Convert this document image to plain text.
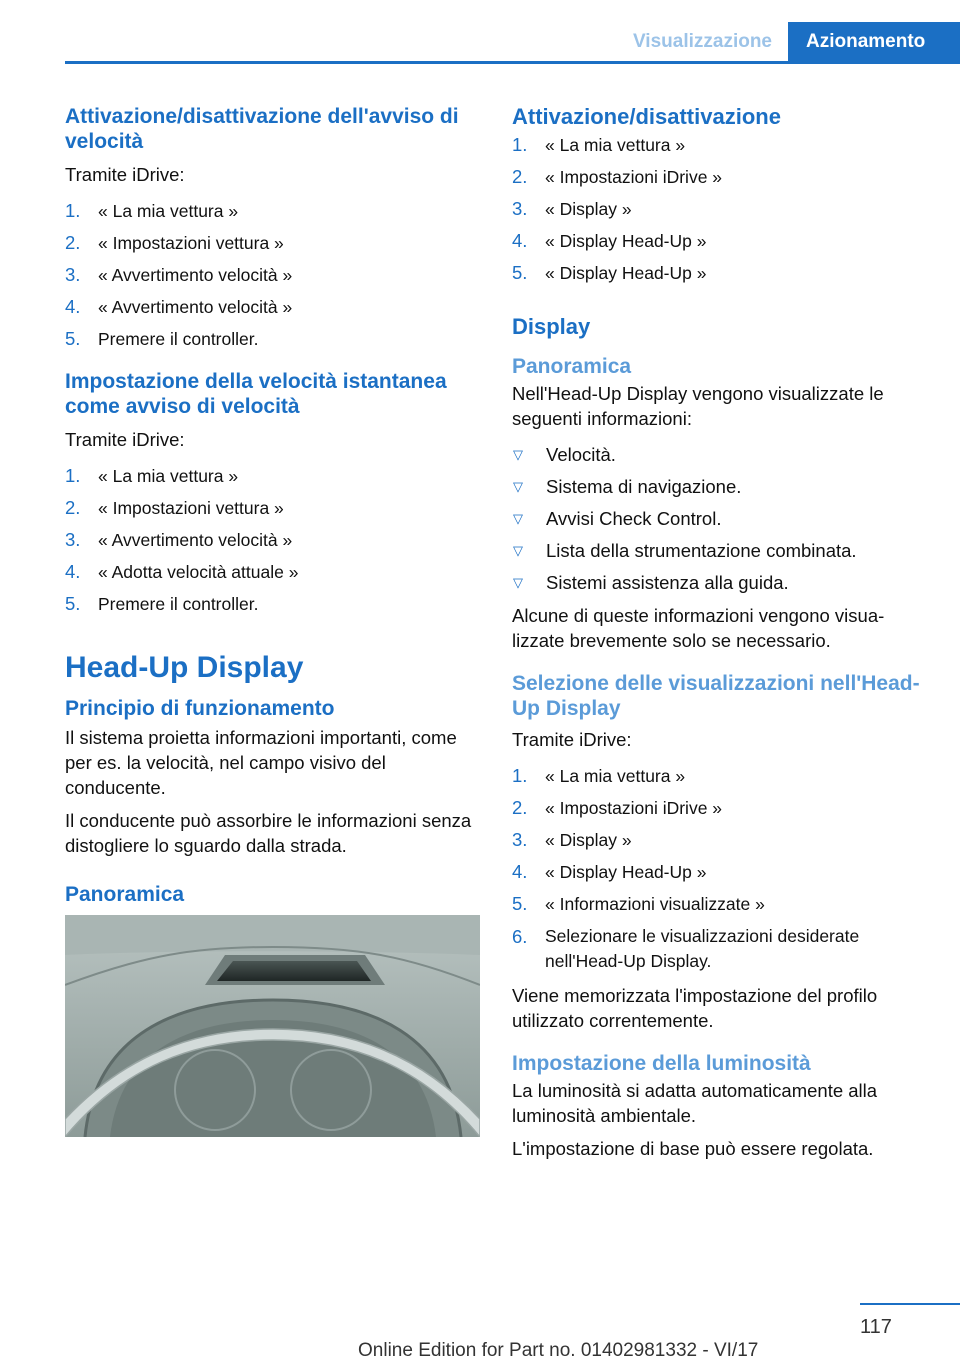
Visualizzazione	Azionamento
Attivazione/disattivazione dell'avviso di velocità
Tramite iDrive:
1.	« La mia vettura »
2.	« Impostazioni vettura »
3.	« Avvertimento velocità »
4.	« Avvertimento velocità »
5.	Premere il controller.
Impostazione della velocità istantanea come avviso di velocità
Tramite iDrive:
1.	« La mia vettura »
2.	« Impostazioni vettura »
3.	« Avvertimento velocità »
4.	« Adotta velocità attuale »
5.	Premere il controller.
Head-Up Display
Principio di funzionamento
Il sistema proietta informazioni importanti, come per es. la velocità, nel campo visivo del conducente.
Il conducente può assorbire le informazioni senza distogliere lo sguardo dalla strada.
Panoramica
Attivazione/disattivazione
1.	« La mia vettura »
2.	« Impostazioni iDrive »
3.	« Display »
4.	« Display Head-Up »
5.	« Display Head-Up »
Display
Panoramica
Nell'Head-Up Display vengono visualizzate le seguenti informazioni:
▽	Velocità.
▽	Sistema di navigazione.
▽	Avvisi Check Control.
▽	Lista della strumentazione combinata.
▽	Sistemi assistenza alla guida.
Alcune di queste informazioni vengono visua-lizzate brevemente solo se necessario.
Selezione delle visualizzazioni nell'Head-Up Display
Tramite iDrive:
1.	« La mia vettura »
2.	« Impostazioni iDrive »
3.	« Display »
4.	« Display Head-Up »
5.	« Informazioni visualizzate »
6.	Selezionare le visualizzazioni desiderate nell'Head-Up Display.
Viene memorizzata l'impostazione del profilo utilizzato correntemente.
Impostazione della luminosità
La luminosità si adatta automaticamente alla luminosità ambientale.
L'impostazione di base può essere regolata.
117
Online Edition for Part no. 01402981332 - VI/17
